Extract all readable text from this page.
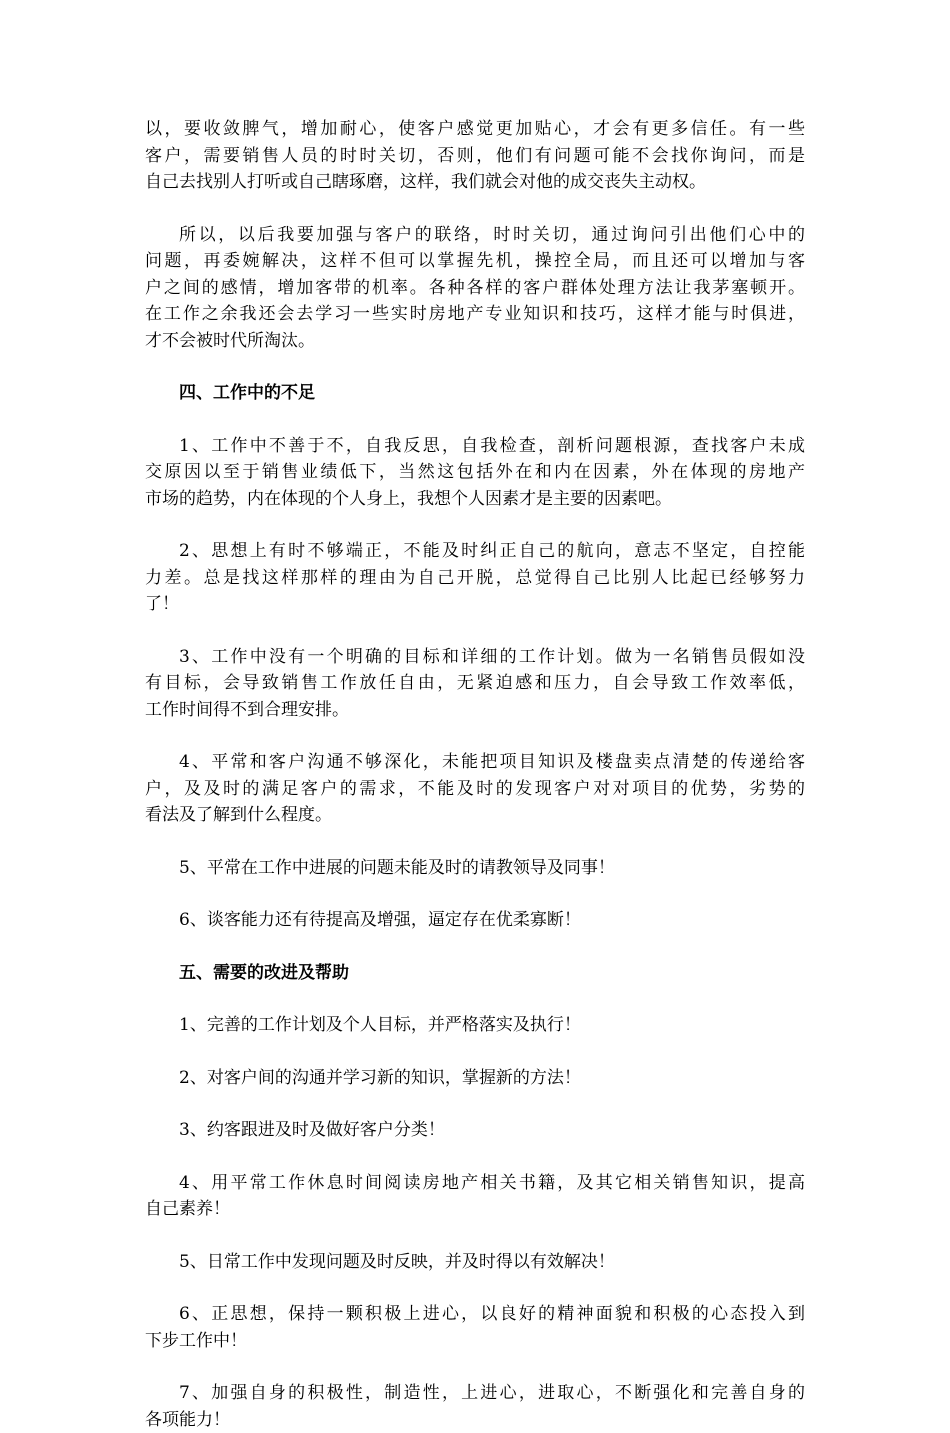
以，要收敛脾气，增加耐心，使客户感觉更加贴心，才会有更多信任。有一些
客户，需要销售人员的时时关切，否则，他们有问题可能不会找你询问，而是
自己去找别人打听或自己瞎琢磨，这样，我们就会对他的成交丧失主动权。

所以，以后我要加强与客户的联络，时时关切，通过询问引出他们心中的
问题，再委婉解决，这样不但可以掌握先机，操控全局，而且还可以增加与客
户之间的感情，增加客带的机率。各种各样的客户群体处理方法让我茅塞顿开。
在工作之余我还会去学习一些实时房地产专业知识和技巧，这样才能与时俱进，
才不会被时代所淘汰。

四、工作中的不足

1、工作中不善于不，自我反思，自我检查，剖析问题根源，查找客户未成
交原因以至于销售业绩低下，当然这包括外在和内在因素，外在体现的房地产
市场的趋势，内在体现的个人身上，我想个人因素才是主要的因素吧。

2、思想上有时不够端正，不能及时纠正自己的航向，意志不坚定，自控能
力差。总是找这样那样的理由为自己开脱，总觉得自己比别人比起已经够努力
了！

3、工作中没有一个明确的目标和详细的工作计划。做为一名销售员假如没
有目标，会导致销售工作放任自由，无紧迫感和压力，自会导致工作效率低，
工作时间得不到合理安排。

4、平常和客户沟通不够深化，未能把项目知识及楼盘卖点清楚的传递给客
户，及及时的满足客户的需求，不能及时的发现客户对对项目的优势，劣势的
看法及了解到什么程度。

5、平常在工作中进展的问题未能及时的请教领导及同事！

6、谈客能力还有待提高及增强，逼定存在优柔寡断！

五、需要的改进及帮助

1、完善的工作计划及个人目标，并严格落实及执行！

2、对客户间的沟通并学习新的知识，掌握新的方法！

3、约客跟进及时及做好客户分类！

4、用平常工作休息时间阅读房地产相关书籍，及其它相关销售知识，提高
自己素养！

5、日常工作中发现问题及时反映，并及时得以有效解决！

6、正思想，保持一颗积极上进心，以良好的精神面貌和积极的心态投入到
下步工作中！

7、加强自身的积极性，制造性，上进心，进取心，不断强化和完善自身的
各项能力！
